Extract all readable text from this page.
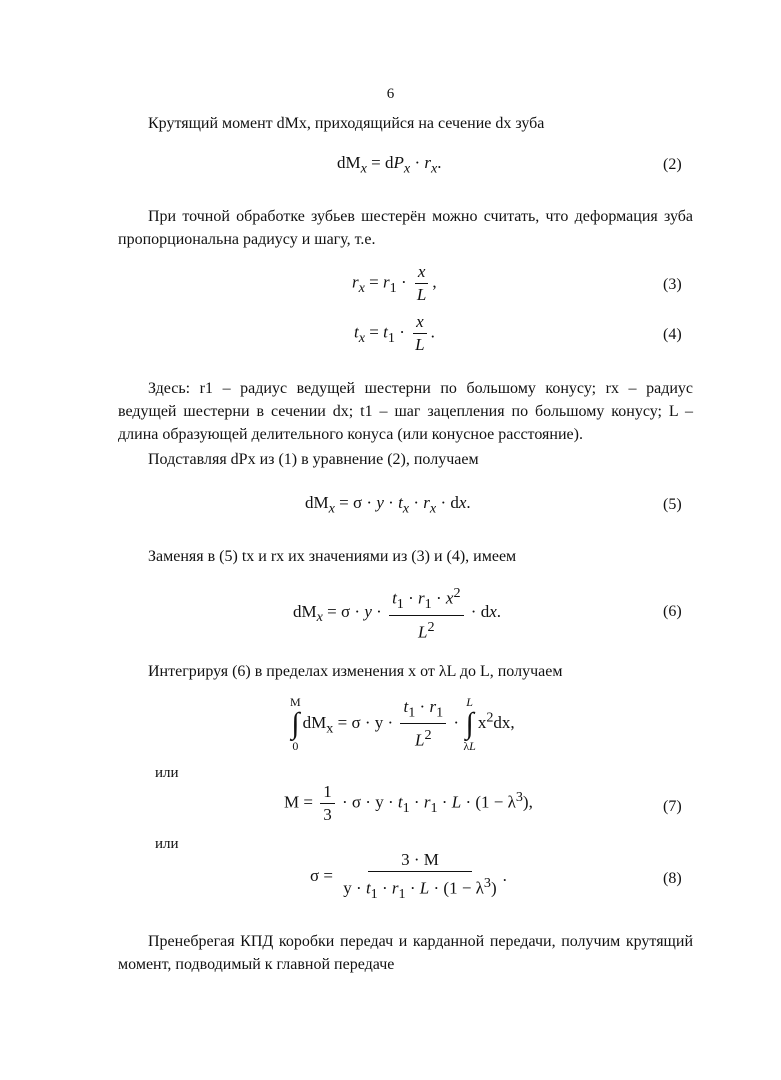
6
Крутящий момент dMx, приходящийся на сечение dx зуба
$dM_x = dP_x \cdot r_x$.	(2)
При точной обработке зубьев шестерён можно считать, что деформация зуба пропорциональна радиусу и шагу, т.е.
$r_x = r_1 \cdot \frac{x}{L}$ ,	(3)
$t_x = t_1 \cdot \frac{x}{L}$ .	(4)
Здесь: r1 – радиус ведущей шестерни по большому конусу; rx – радиус ведущей шестерни в сечении dx; t1 – шаг зацепления по большому конусу; L – длина образующей делительного конуса (или конусное расстояние).
Подставляя dPx из (1) в уравнение (2), получаем
$dM_x = \sigma \cdot y \cdot t_x \cdot r_x$ · dx.	(5)
Заменяя в (5) tx и rx их значениями из (3) и (4), имеем
$dM_x = \sigma \cdot y \cdot \frac{t_1 \cdot r_1 \cdot x^2}{L^2}$ · dx.	(6)
Интегрируя (6) в пределах изменения x от λL до L, получаем
M
∫
0
$dM_x = \sigma \cdot y \cdot \frac{t_1 \cdot r_1}{L^2}$ ·
L
∫
λL
$x^2dx$,
или
$M = \frac{1}{3} \cdot \sigma \cdot y \cdot t_1 \cdot r_1 \cdot L \cdot (1 - \lambda^3)$,	(7)
или
$\sigma = \frac{3 \cdot M}{y \cdot t_1 \cdot r_1 \cdot L \cdot (1 - \lambda^3)}$ .	(8)
Пренебрегая КПД коробки передач и карданной передачи, получим крутящий момент, подводимый к главной передаче
